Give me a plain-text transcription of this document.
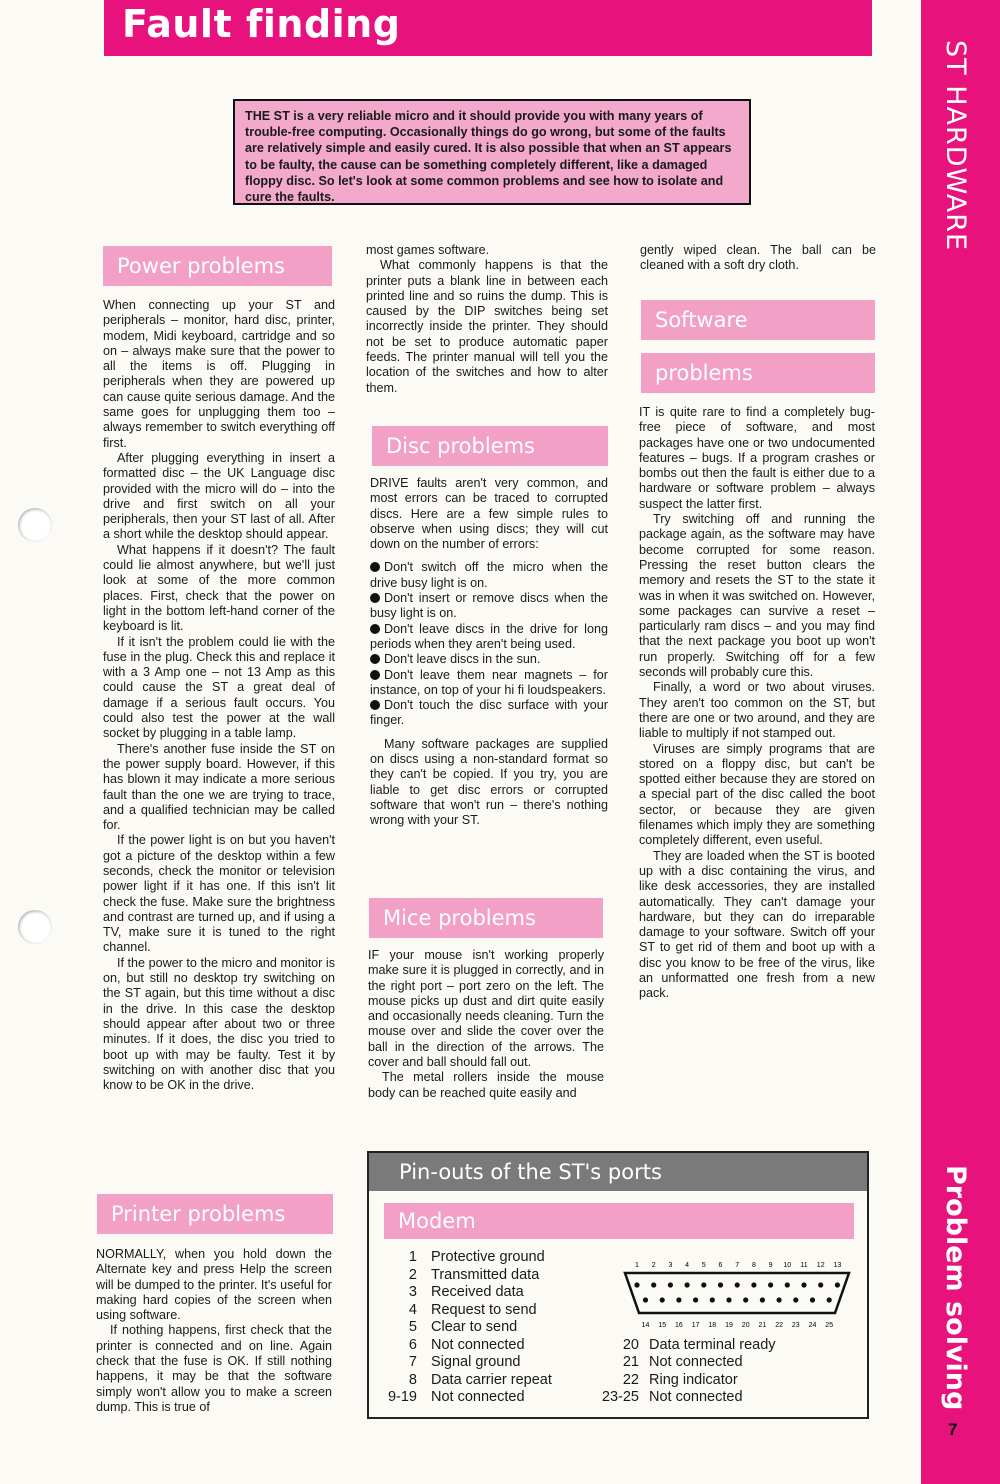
Fault finding
ST HARDWARE
Problem solving
7
THE ST is a very reliable micro and it should provide you with many years of trouble-free computing. Occasionally things do go wrong, but some of the faults are relatively simple and easily cured. It is also possible that when an ST appears to be faulty, the cause can be something completely different, like a damaged floppy disc. So let's look at some common problems and see how to isolate and cure the faults.
Power problems

When connecting up your ST and peripherals – monitor, hard disc, printer, modem, Midi keyboard, cartridge and so on – always make sure that the power to all the items is off. Plugging in peripherals when they are powered up can cause quite serious damage. And the same goes for unplugging them too – always remember to switch everything off first.

After plugging everything in insert a formatted disc – the UK Language disc provided with the micro will do – into the drive and first switch on all your peripherals, then your ST last of all. After a short while the desktop should appear.

What happens if it doesn't? The fault could lie almost anywhere, but we'll just look at some of the more common places. First, check that the power on light in the bottom left-hand corner of the keyboard is lit.

If it isn't the problem could lie with the fuse in the plug. Check this and replace it with a 3 Amp one – not 13 Amp as this could cause the ST a great deal of damage if a serious fault occurs. You could also test the power at the wall socket by plugging in a table lamp.

There's another fuse inside the ST on the power supply board. However, if this has blown it may indicate a more serious fault than the one we are trying to trace, and a qualified technician may be called for.

If the power light is on but you haven't got a picture of the desktop within a few seconds, check the monitor or television power light if it has one. If this isn't lit check the fuse. Make sure the brightness and contrast are turned up, and if using a TV, make sure it is tuned to the right channel.

If the power to the micro and monitor is on, but still no desktop try switching on the ST again, but this time without a disc in the drive. In this case the desktop should appear after about two or three minutes. If it does, the disc you tried to boot up with may be faulty. Test it by switching on with another disc that you know to be OK in the drive.

Printer problems

NORMALLY, when you hold down the Alternate key and press Help the screen will be dumped to the printer. It's useful for making hard copies of the screen when using software.

If nothing happens, first check that the printer is connected and on line. Again check that the fuse is OK. If still nothing happens, it may be that the software simply won't allow you to make a screen dump. This is true of

most games software.

What commonly happens is that the printer puts a blank line in between each printed line and so ruins the dump. This is caused by the DIP switches being set incorrectly inside the printer. They should not be set to produce automatic paper feeds. The printer manual will tell you the location of the switches and how to alter them.

Disc problems

DRIVE faults aren't very common, and most errors can be traced to corrupted discs. Here are a few simple rules to observe when using discs; they will cut down on the number of errors:

Don't switch off the micro when the drive busy light is on.

Don't insert or remove discs when the busy light is on.

Don't leave discs in the drive for long periods when they aren't being used.

Don't leave discs in the sun.

Don't leave them near magnets – for instance, on top of your hi fi loudspeakers.

Don't touch the disc surface with your finger.

Many software packages are supplied on discs using a non-standard format so they can't be copied. If you try, you are liable to get disc errors or corrupted software that won't run – there's nothing wrong with your ST.

Mice problems

IF your mouse isn't working properly make sure it is plugged in correctly, and in the right port – port zero on the left. The mouse picks up dust and dirt quite easily and occasionally needs cleaning. Turn the mouse over and slide the cover over the ball in the direction of the arrows. The cover and ball should fall out.

The metal rollers inside the mouse body can be reached quite easily and

gently wiped clean. The ball can be cleaned with a soft dry cloth.

Software
problems

IT is quite rare to find a completely bug-free piece of software, and most packages have one or two undocumented features – bugs. If a program crashes or bombs out then the fault is either due to a hardware or software problem – always suspect the latter first.

Try switching off and running the package again, as the software may have become corrupted for some reason. Pressing the reset button clears the memory and resets the ST to the state it was in when it was switched on. However, some packages can survive a reset – particularly ram discs – and you may find that the next package you boot up won't run properly. Switching off for a few seconds will probably cure this.

Finally, a word or two about viruses. They aren't too common on the ST, but there are one or two around, and they are liable to multiply if not stamped out.

Viruses are simply programs that are stored on a floppy disc, but can't be spotted either because they are stored on a special part of the disc called the boot sector, or because they are given filenames which imply they are something completely different, even useful.

They are loaded when the ST is booted up with a disc containing the virus, and like desk accessories, they are installed automatically. They can't damage your hardware, but they can do irreparable damage to your software. Switch off your ST to get rid of them and boot up with a disc you know to be free of the virus, like an unformatted one fresh from a new pack.

Pin-outs of the ST's ports
Modem
1 Protective ground
2 Transmitted data
3 Received data
4 Request to send
5 Clear to send
6 Not connected
7 Signal ground
8 Data carrier repeat
9-19 Not connected
20 Data terminal ready
21 Not connected
22 Ring indicator
23-25 Not connected
1 2 3 4 5 6 7 8 9 10 11 12 13
14 15 16 17 18 19 20 21 22 23 24 25
